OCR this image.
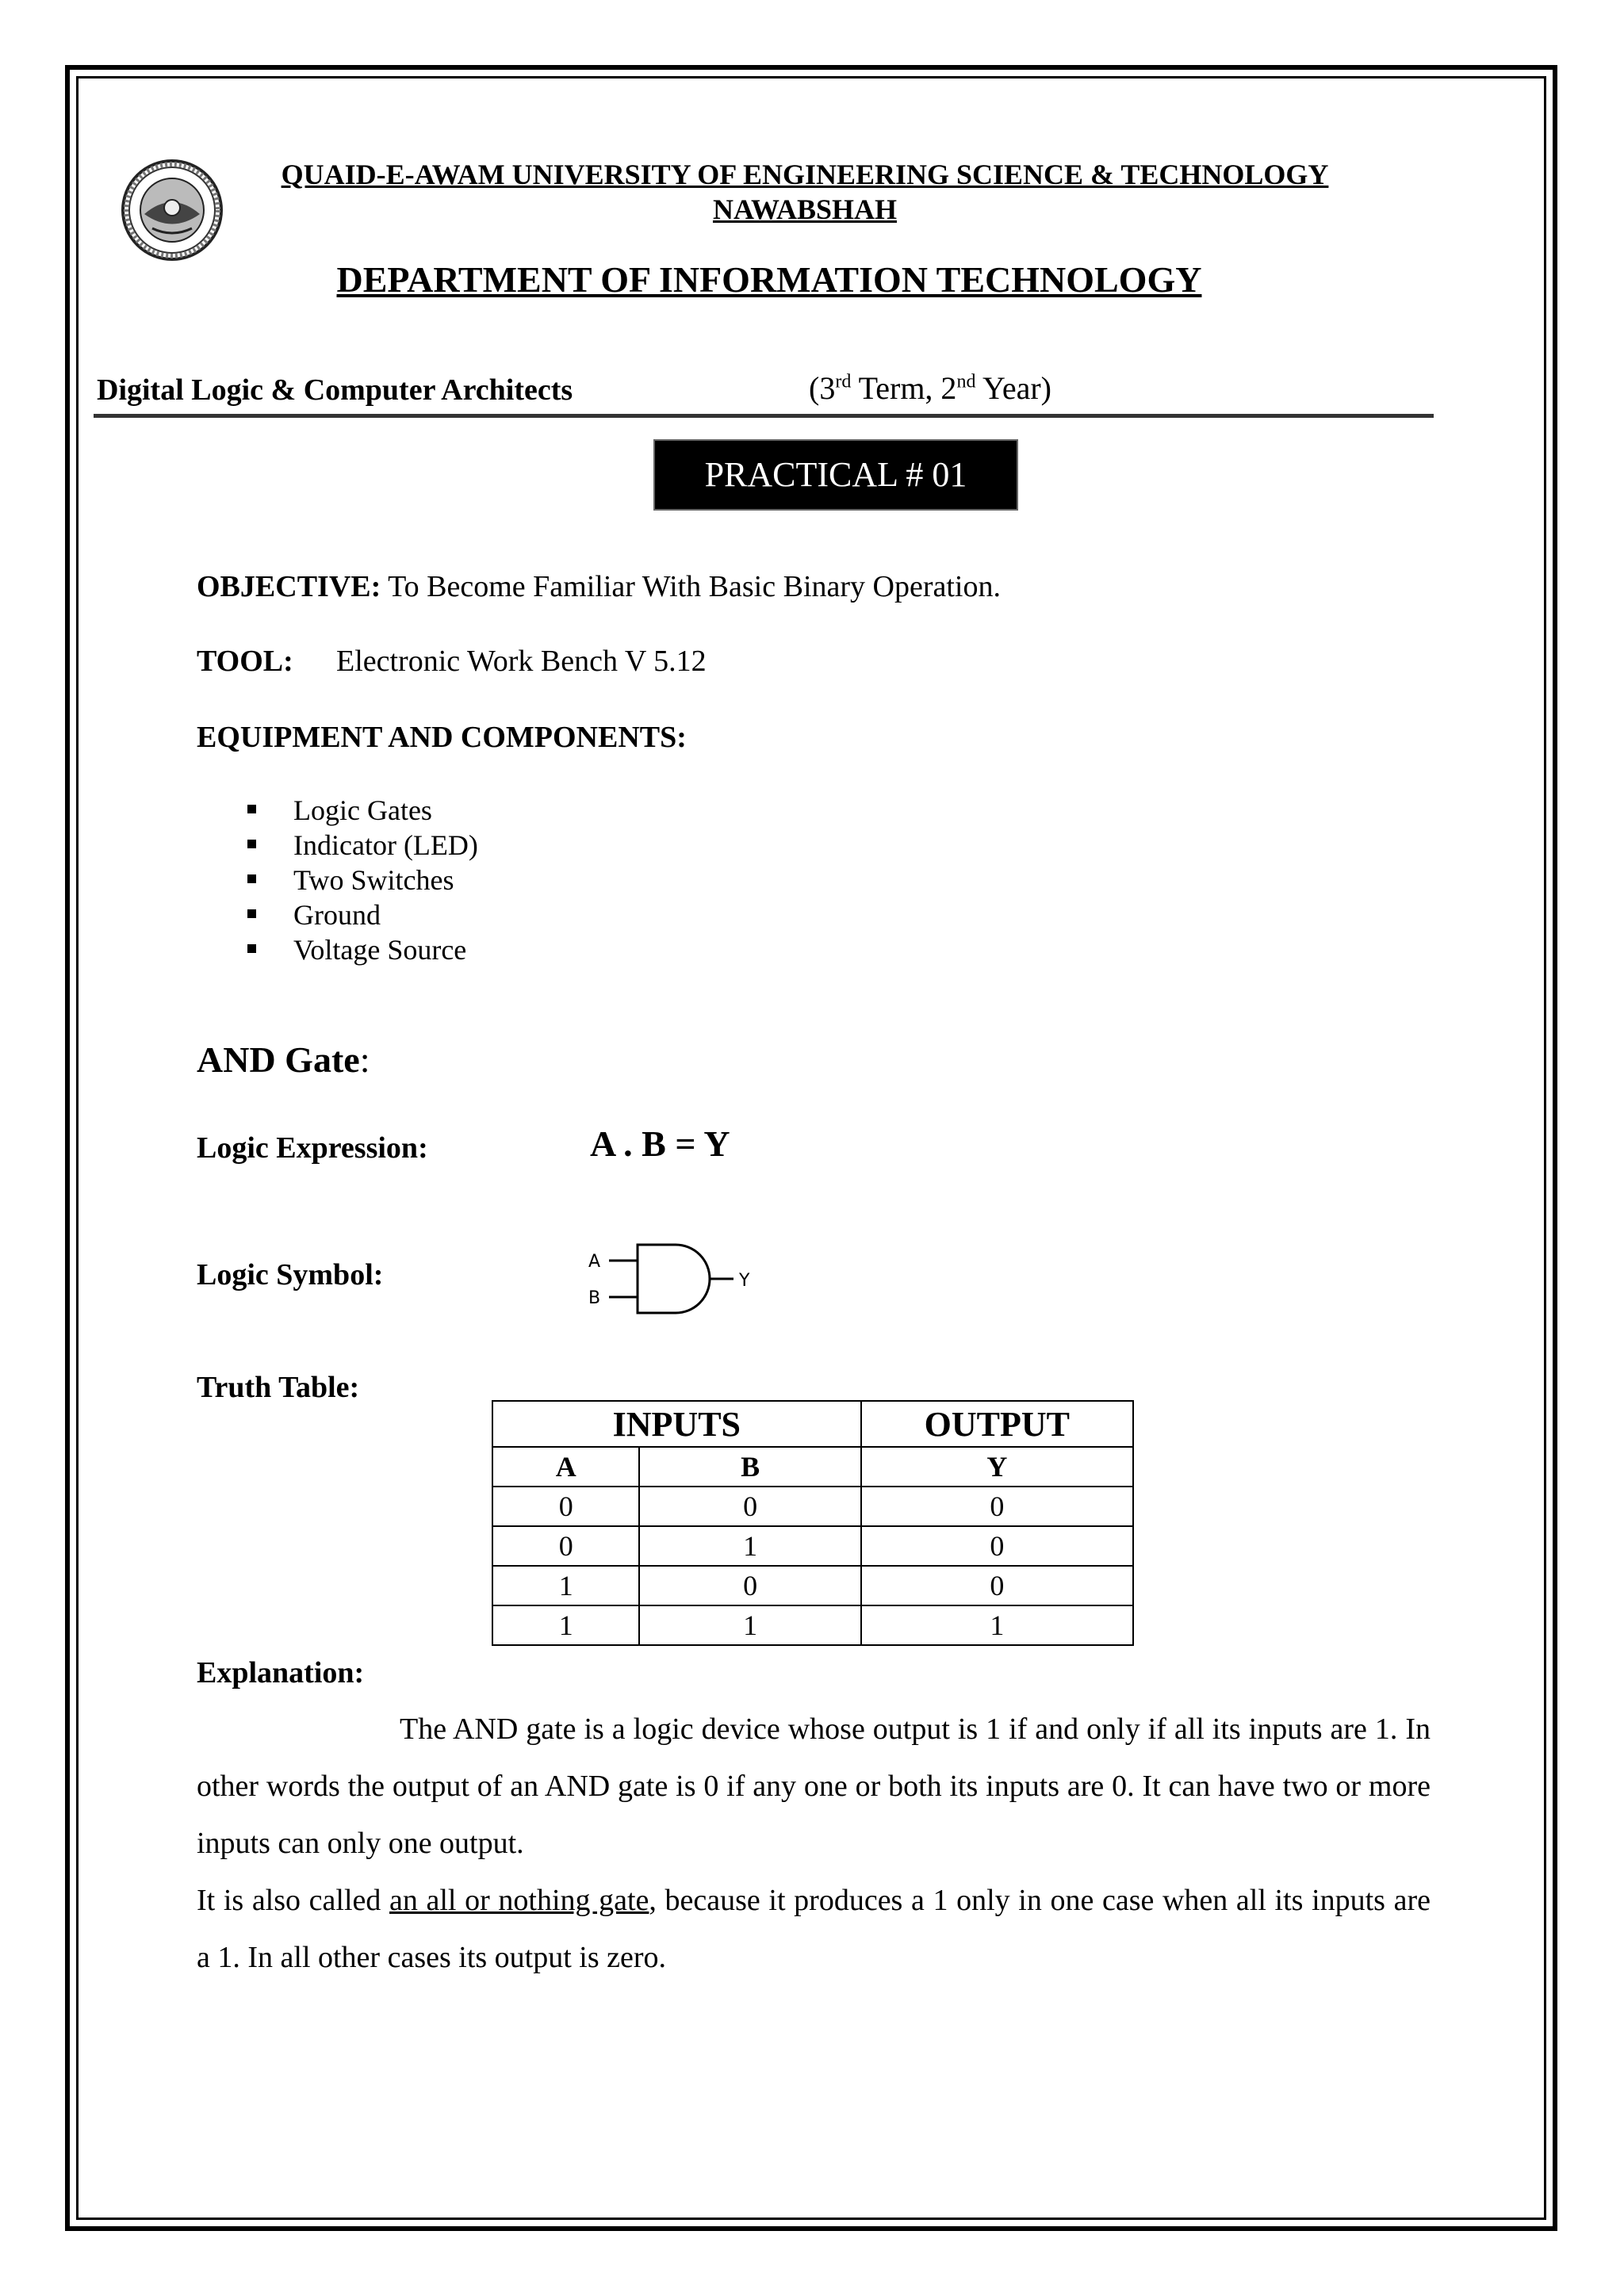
QUAID-E-AWAM UNIVERSITY OF ENGINEERING SCIENCE & TECHNOLOGY
NAWABSHAH
DEPARTMENT OF INFORMATION TECHNOLOGY
Digital Logic & Computer Architects	(3rd Term, 2nd Year)
PRACTICAL # 01
OBJECTIVE: To Become Familiar With Basic Binary Operation.
TOOL: Electronic Work Bench V 5.12
EQUIPMENT AND COMPONENTS:
Logic Gates
Indicator (LED)
Two Switches
Ground
Voltage Source
AND Gate:
Logic Expression:	A . B = Y
Logic Symbol:	A
B
Y
Truth Table:
INPUTS		OUTPUT
A	B	Y
0	0	0
0	1	0
1	0	0
1	1	1
Explanation:

The AND gate is a logic device whose output is 1 if and only if all its inputs are 1. In other words the output of an AND gate is 0 if any one or both its inputs are 0. It can have two or more inputs can only one output.

It is also called an all or nothing gate, because it produces a 1 only in one case when all its inputs are a 1. In all other cases its output is zero.
